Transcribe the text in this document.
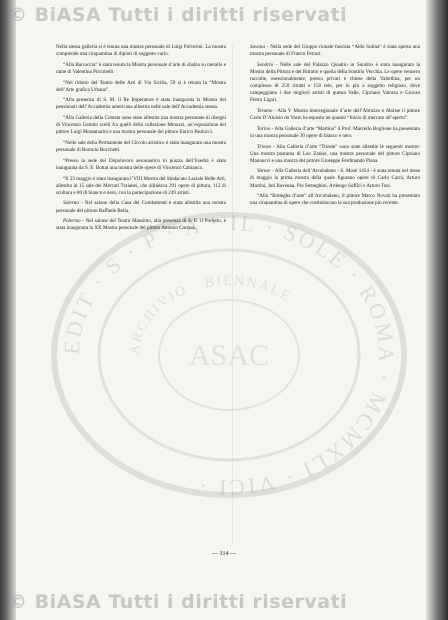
© BiASA Tutti i diritti riservati
EDIT · S · P · A · IL · SOLE · ROMA · MCMXLI · VICI ·
ARCHIVIO · BIENNALE
ASAC

Nella stessa galleria si è tenuta una mostra personale di Luigi Polverini. La mostra comprende una cinquantina di dipinti di soggetto vario.

“Alla Barcaccia” è stata tenuta la Mostra personale d’arte di sbalzo su metallo e rame di Valentina Pircimelli.

“Nel ridotto del Teatro delle Arti di Via Sicilia, 59 si è tenuta la “Mostra dell’Arte grafica Urbana”.

“Alla presenza di S. M. il Re Imperatore è stata inaugurata la Mostra dei pensionati dell’Accademia americana allestita nelle sale dell’Accademia stessa.

“Alla Galleria della Cometa sono state allestite una mostra personale di disegni di Vincenzo Gemito scelti fra quelli della collezione Minozzi, un’esposizione del pittore Luigi Montanarini e una mostra personale del pittore Enrico Paulucci.

“Nelle sale della Permanente del Circolo artistico è stata inaugurata una mostra personale di Romolo Bocchetti.

“Presso la sede del Dopolavoro aeronautico in piazza dell’Esedra è stata inaugurata da S. E. Bottai una mostra delle opere di Vincenzo Cabianca.

“Il 23 maggio è stata inaugurata l’VIII Mostra del Sindacato Laziale Belle Arti, allestita in 15 sale dei Mercati Traianei, che allineava 291 opere di pittura, 112 di scultura e 80 di bianco e nero, con la partecipazione di 249 artisti.

Salerno - Nel salone della Casa dei Combattenti è stata allestita una mostra personale del pittore Raffaele Bella.

Palermo - Nel salone del Teatro Massimo, alla presenza di S. E. il Prefetto, è stata inaugurata la XX Mostra personale del pittore Antonio Carrara.

Savona - Nella sede del Gruppo rionale fascista “Aldo Sulina” è stata aperta una mostra personale di Franco Ferrari.

Sondrio - Nelle sale del Palazzo Quadrio in Sondrio è stata inaugurata la Mostra della Pittura e del Ritratto e quella della Sondrio Vecchia. Le opere vennero raccolte, eseezionalmente, presso privati e chiese della Valtellina, per un complesso di 250 ritratti e 150 tele, per lo più a soggetto religioso, dove campeggiano i due migliori artisti di questa Valle, Cipriano Valorsa e Giovan Pietro Ligari.

Teramo - Alla V Mostra interregionale d’arte dell’Abruzzo e Molise il pittore Carlo D’Aloisio da Vasto ha esposto un quadro “Inizio di mercato all’aperto”.

Torino - Alla Galleria d’arte “Martina” il Prof. Marcello Boglione ha presentato in una mostra personale 30 opere di bianco e nero.

Trieste - Alla Galleria d’arte “Trieste” sono state allestite le seguenti mostre: Una mostra postuma di Leo Zanier, una mostra personale del pittore Cipriano Mannucci e una mostra del pittore Giuseppe Ferdinando Piana.

Varese - Alla Galleria dell’Arcobaleno - S. Mosè 1454 - è stata tenuta nel mese di maggio la prima mostra della quale figurano opere di Carlo Carrà, Arturo Martini, Juti Ravenna, Pio Semeghini, Ardengo Soffici e Arturo Tosi.

“Alla “Bottegha d’arte” all’Arcobaleno, il pittore Marco Novati ha presentato una cinquantina di opere che costituiscono la sua produzione più recente.

— 314 —
© BiASA Tutti i diritti riservati
